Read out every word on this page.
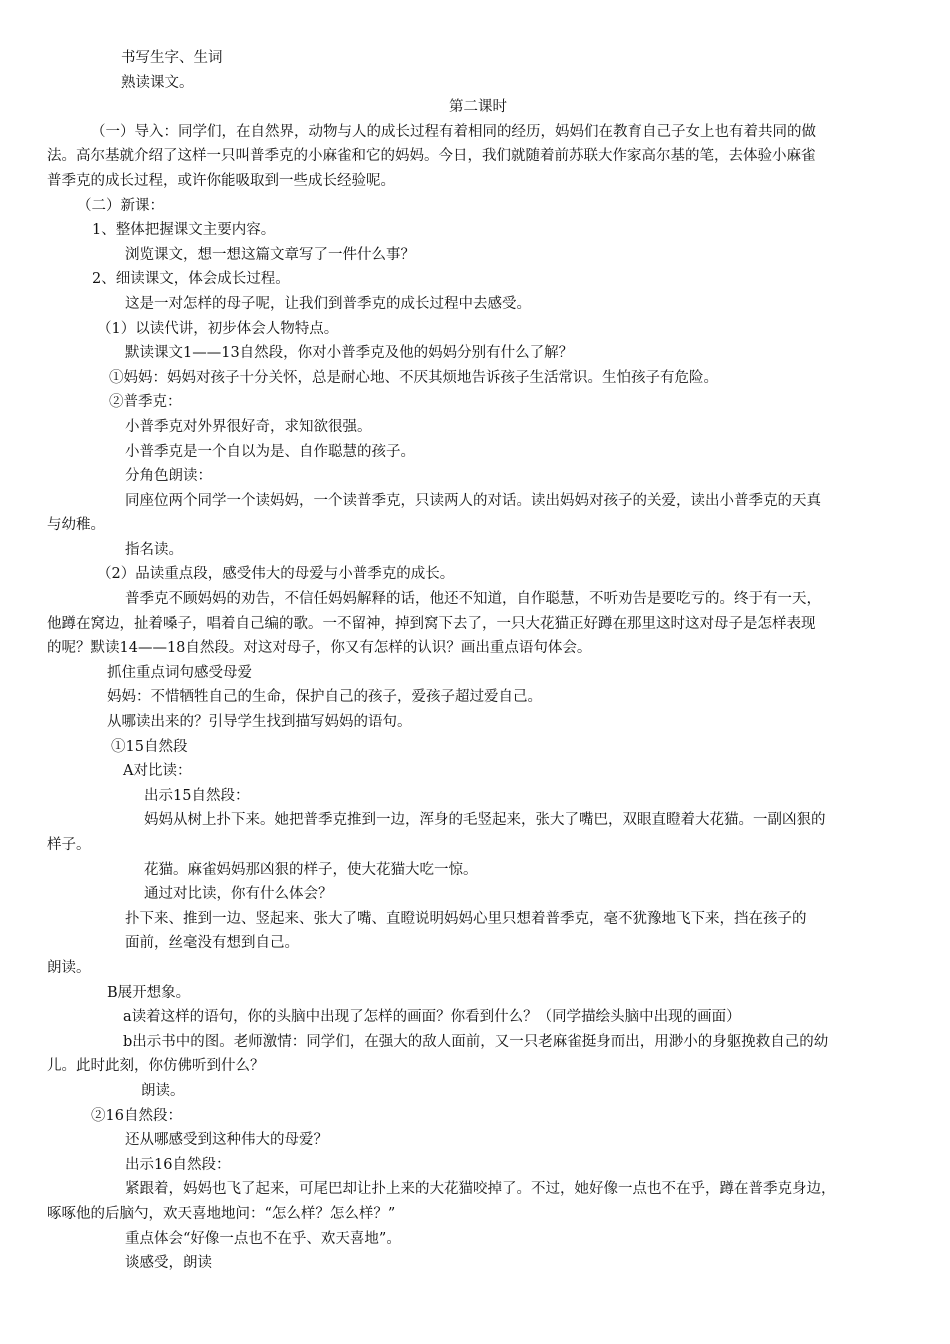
书写生字、生词
熟读课文。
第二课时
（一）导入：同学们，在自然界，动物与人的成长过程有着相同的经历，妈妈们在教育自己子女上也有着共同的做
法。高尔基就介绍了这样一只叫普季克的小麻雀和它的妈妈。今日，我们就随着前苏联大作家高尔基的笔，去体验小麻雀
普季克的成长过程，或许你能吸取到一些成长经验呢。
（二）新课：
1、整体把握课文主要内容。
浏览课文，想一想这篇文章写了一件什么事？
2、细读课文，体会成长过程。
这是一对怎样的母子呢，让我们到普季克的成长过程中去感受。
（1）以读代讲，初步体会人物特点。
默读课文1——13自然段，你对小普季克及他的妈妈分别有什么了解？
①妈妈：妈妈对孩子十分关怀，总是耐心地、不厌其烦地告诉孩子生活常识。生怕孩子有危险。
②普季克：
小普季克对外界很好奇，求知欲很强。
小普季克是一个自以为是、自作聪慧的孩子。
分角色朗读：
同座位两个同学一个读妈妈，一个读普季克，只读两人的对话。读出妈妈对孩子的关爱，读出小普季克的天真
与幼稚。
指名读。
（2）品读重点段，感受伟大的母爱与小普季克的成长。
普季克不顾妈妈的劝告，不信任妈妈解释的话，他还不知道，自作聪慧，不听劝告是要吃亏的。终于有一天，
他蹲在窝边，扯着嗓子，唱着自己编的歌。一不留神，掉到窝下去了，一只大花猫正好蹲在那里这时这对母子是怎样表现
的呢？默读14——18自然段。对这对母子，你又有怎样的认识？画出重点语句体会。
抓住重点词句感受母爱
妈妈：不惜牺牲自己的生命，保护自己的孩子，爱孩子超过爱自己。
从哪读出来的？引导学生找到描写妈妈的语句。
①15自然段
A对比读：
出示15自然段：
妈妈从树上扑下来。她把普季克推到一边，浑身的毛竖起来，张大了嘴巴，双眼直瞪着大花猫。一副凶狠的
样子。
花猫。麻雀妈妈那凶狠的样子，使大花猫大吃一惊。
通过对比读，你有什么体会？
扑下来、推到一边、竖起来、张大了嘴、直瞪说明妈妈心里只想着普季克，毫不犹豫地飞下来，挡在孩子的
面前，丝毫没有想到自己。
朗读。
B展开想象。
a读着这样的语句，你的头脑中出现了怎样的画面？你看到什么？（同学描绘头脑中出现的画面）
b出示书中的图。老师激情：同学们，在强大的敌人面前，又一只老麻雀挺身而出，用渺小的身躯挽救自己的幼
儿。此时此刻，你仿佛听到什么？
朗读。
②16自然段：
还从哪感受到这种伟大的母爱？
出示16自然段：
紧跟着，妈妈也飞了起来，可尾巴却让扑上来的大花猫咬掉了。不过，她好像一点也不在乎，蹲在普季克身边，
啄啄他的后脑勺，欢天喜地地问：“怎么样？怎么样？”
重点体会“好像一点也不在乎、欢天喜地”。
谈感受，朗读
